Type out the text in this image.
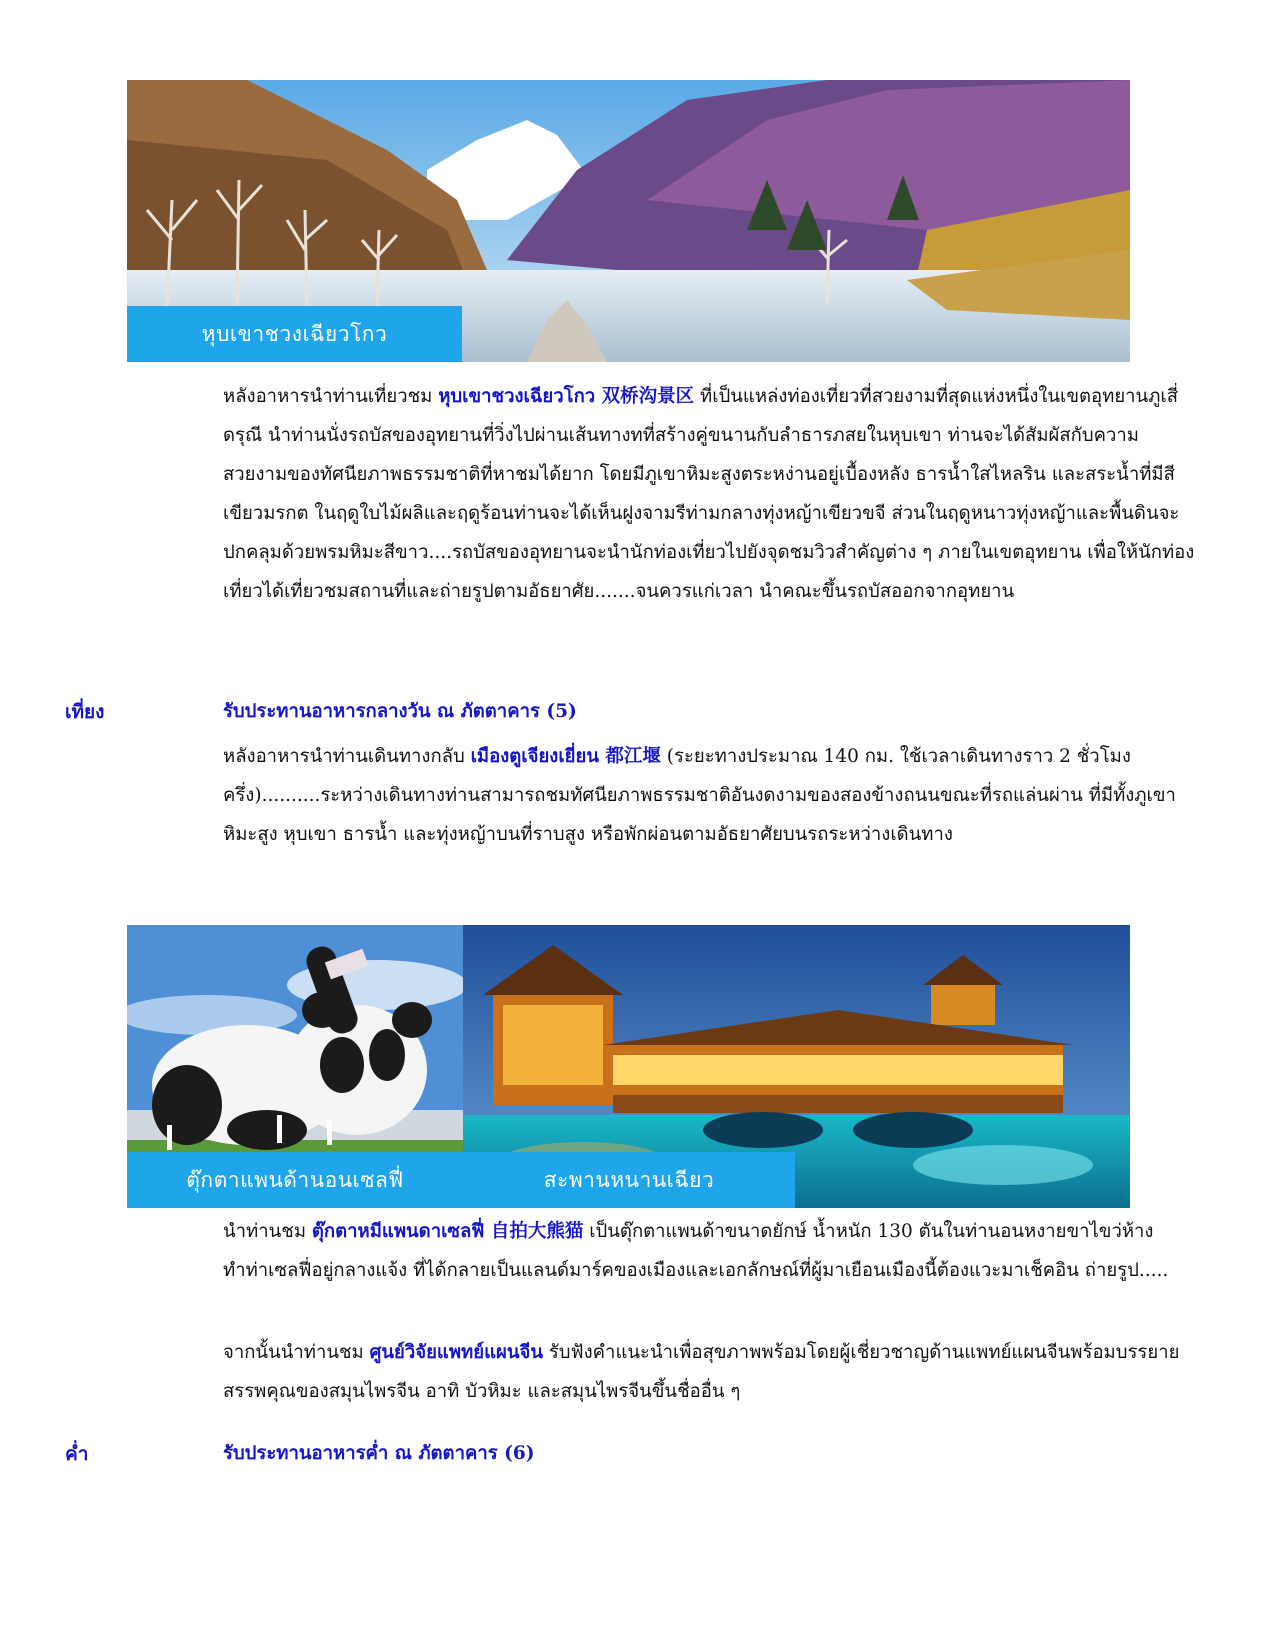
หุบเขาชวงเฉียวโกว
หลังอาหารนำท่านเที่ยวชม หุบเขาชวงเฉียวโกว 双桥沟景区 ที่เป็นแหล่งท่องเที่ยวที่สวยงามที่สุดแห่งหนึ่งในเขตอุทยานภูเสี่ดรุณี นำท่านนั่งรถบัสของอุทยานที่วิ่งไปผ่านเส้นทางทที่สร้างคู่ขนานกับลำธารภสยในหุบเขา ท่านจะได้สัมผัสกับความสวยงามของทัศนียภาพธรรมชาติที่หาชมได้ยาก โดยมีภูเขาหิมะสูงตระหง่านอยู่เบื้องหลัง ธารน้ำใสไหลริน และสระน้ำที่มีสีเขียวมรกต ในฤดูใบไม้ผลิและฤดูร้อนท่านจะได้เห็นฝูงจามรีท่ามกลางทุ่งหญ้าเขียวขจี ส่วนในฤดูหนาวทุ่งหญ้าและพื้นดินจะปกคลุมด้วยพรมหิมะสีขาว....รถบัสของอุทยานจะนำนักท่องเที่ยวไปยังจุดชมวิวสำคัญต่าง ๆ ภายในเขตอุทยาน เพื่อให้นักท่องเที่ยวได้เที่ยวชมสถานที่และถ่ายรูปตามอัธยาศัย.......จนควรแก่เวลา นำคณะขึ้นรถบัสออกจากอุทยาน
เที่ยง	รับประทานอาหารกลางวัน ณ ภัตตาคาร (5)
หลังอาหารนำท่านเดินทางกลับ เมืองตูเจียงเยี่ยน 都江堰 (ระยะทางประมาณ 140 กม. ใช้เวลาเดินทางราว 2 ชั่วโมงครึ่ง)..........ระหว่างเดินทางท่านสามารถชมทัศนียภาพธรรมชาติอันงดงามของสองข้างถนนขณะที่รถแล่นผ่าน ที่มีทั้งภูเขาหิมะสูง หุบเขา ธารน้ำ และทุ่งหญ้าบนที่ราบสูง หรือพักผ่อนตามอัธยาศัยบนรถระหว่างเดินทาง
ตุ๊กตาแพนด้านอนเซลฟี่	สะพานหนานเฉียว
นำท่านชม ตุ๊กตาหมีแพนดาเซลฟี่ 自拍大熊猫 เป็นตุ๊กตาแพนด้าขนาดยักษ์ น้ำหนัก 130 ตันในท่านอนหงายขาไขว่ห้างทำท่าเซลฟี่อยู่กลางแจ้ง ที่ได้กลายเป็นแลนด์มาร์คของเมืองและเอกลักษณ์ที่ผู้มาเยือนเมืองนี้ต้องแวะมาเช็คอิน ถ่ายรูป.....
จากนั้นนำท่านชม ศูนย์วิจัยแพทย์แผนจีน รับฟังคำแนะนำเพื่อสุขภาพพร้อมโดยผู้เชี่ยวชาญด้านแพทย์แผนจีนพร้อมบรรยายสรรพคุณของสมุนไพรจีน อาทิ บัวหิมะ และสมุนไพรจีนขึ้นชื่ออื่น ๆ
ค่ำ	รับประทานอาหารค่ำ ณ ภัตตาคาร (6)
